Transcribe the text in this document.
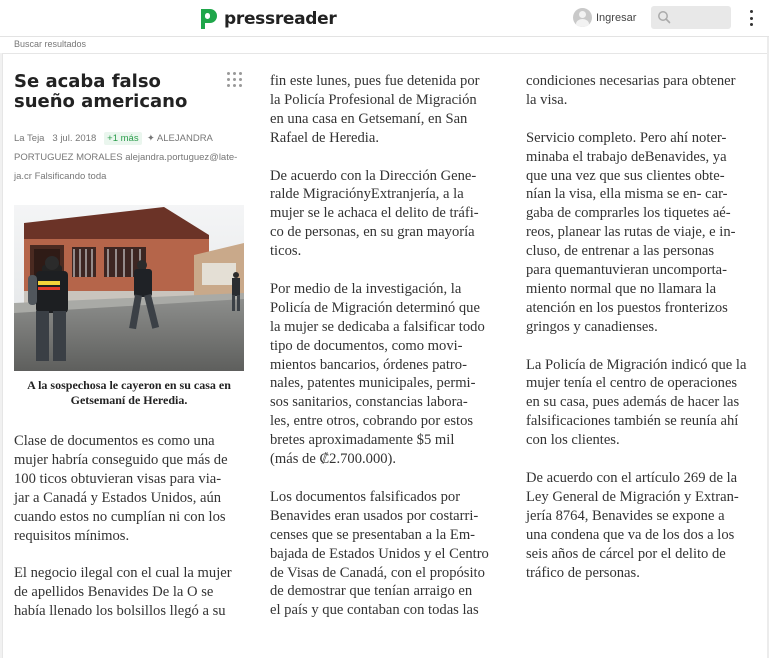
pressreader	Ingresar
Buscar resultados
Se acaba falso sueño americano
La Teja 3 jul. 2018 +1 más ✦ ALEJANDRA
PORTUGUEZ MORALES alejandra.portuguez@late-
ja.cr Falsificando toda
A la sospechosa le cayeron en su casa en
Getsemaní de Heredia.

Clase de documentos es como una
mujer habría conseguido que más de
100 ticos obtuvieran visas para via-
jar a Canadá y Estados Unidos, aún
cuando estos no cumplían ni con los
requisitos mínimos.

El negocio ilegal con el cual la mujer
de apellidos Benavides De la O se
había llenado los bolsillos llegó a su

fin este lunes, pues fue detenida por
la Policía Profesional de Migración
en una casa en Getsemaní, en San
Rafael de Heredia.

De acuerdo con la Dirección Gene-
ralde MigraciónyExtranjería, a la
mujer se le achaca el delito de tráfi-
co de personas, en su gran mayoría
ticos.

Por medio de la investigación, la
Policía de Migración determinó que
la mujer se dedicaba a falsificar todo
tipo de documentos, como movi-
mientos bancarios, órdenes patro-
nales, patentes municipales, permi-
sos sanitarios, constancias labora-
les, entre otros, cobrando por estos
bretes aproximadamente $5 mil
(más de ₡2.700.000).

Los documentos falsificados por
Benavides eran usados por costarri-
censes que se presentaban a la Em-
bajada de Estados Unidos y el Centro
de Visas de Canadá, con el propósito
de demostrar que tenían arraigo en
el país y que contaban con todas las

condiciones necesarias para obtener
la visa.

Servicio completo. Pero ahí noter-
minaba el trabajo deBenavides, ya
que una vez que sus clientes obte-
nían la visa, ella misma se en- car-
gaba de comprarles los tiquetes aé-
reos, planear las rutas de viaje, e in-
cluso, de entrenar a las personas
para quemantuvieran uncomporta-
miento normal que no llamara la
atención en los puestos fronterizos
gringos y canadienses.

La Policía de Migración indicó que la
mujer tenía el centro de operaciones
en su casa, pues además de hacer las
falsificaciones también se reunía ahí
con los clientes.

De acuerdo con el artículo 269 de la
Ley General de Migración y Extran-
jería 8764, Benavides se expone a
una condena que va de los dos a los
seis años de cárcel por el delito de
tráfico de personas.
